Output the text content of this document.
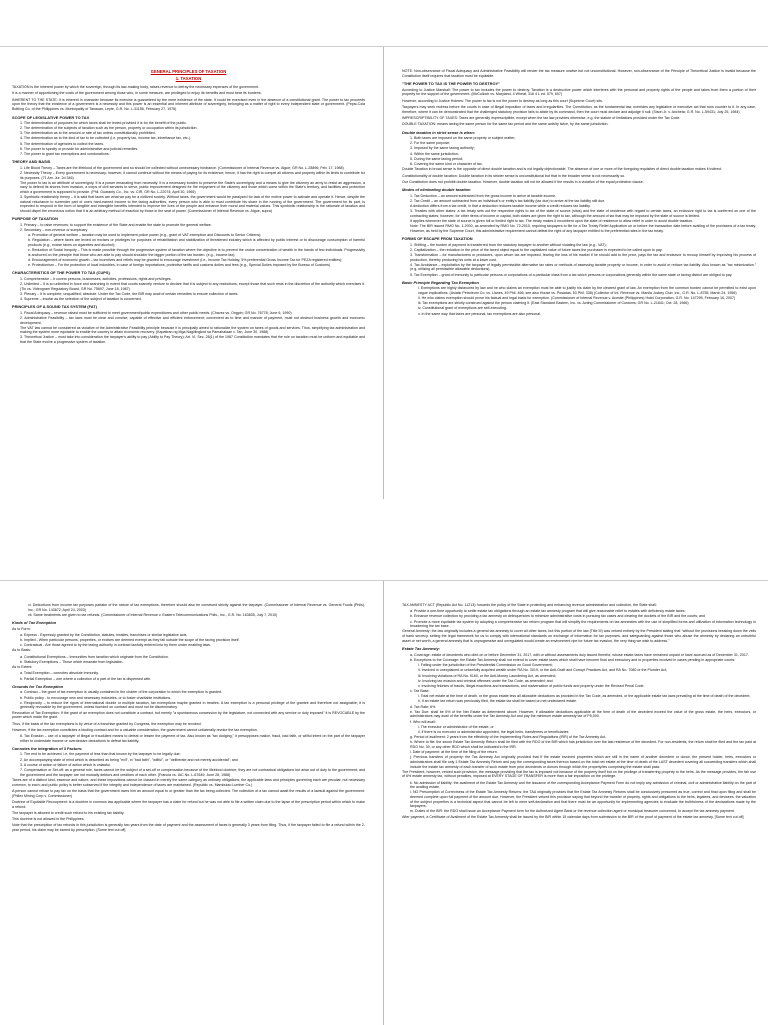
GENERAL PRINCIPLES OF TAXATION
1. TAXATION
TAXATION is the inherent power by which the sovereign, through its law-making body, raises revenue to defray the necessary expenses of the government.
It is a manner of apportioning the costs of the government among those who, in some measure, are privileged to enjoy its benefits and must bear its burdens.
INHERENT TO THE STATE: It is inherent in character because its exercise is guaranteed by the mere existence of the state. It could be exercised even in the absence of a constitutional grant. The power to tax proceeds upon the theory that the existence of a government is a necessity and this power is an essential and inherent attribute of sovereignty, belonging as a matter of right to every independent state or government. (Pepsi-Cola Bottling Co. of the Philippines vs. Municipality of Tanauan, Leyte, G.R. No. L-31156, February 27, 1976)
SCOPE OF LEGISLATIVE POWER TO TAX
1. The determination of purposes for which taxes shall be levied provided it is for the benefit of the public.
2. The determination of the subjects of taxation such as the person, property or occupation within its jurisdiction.
3. The determination as to the amount or rate of tax unless constitutionally prohibited.
4. The determination as to the kind of tax to be collected (i.e. property tax, income tax, inheritance tax, etc.).
5. The determination of agencies to collect the taxes.
6. The power to specify or provide for administrative and judicial remedies.
7. The power to grant tax exemptions and condonations.
THEORY AND BASIS
1. Life Blood Theory – Taxes are the lifeblood of the government and so should be collected without unnecessary hindrance. (Commissioner of Internal Revenue vs. Algue; GR No. L-28896; Feb. 17, 1988)
2. Necessity Theory – Every government is necessary; however, it cannot continue without the means of paying for its existence; hence, it has the right to compel all citizens and property within its limits to contribute for its purposes. (71 Am. Jur. 2d 346)
The power to tax is an attribute of sovereignty. It is a power emanating from necessity. It is a necessary burden to preserve the State's sovereignty and a means to give the citizenry an army to resist an aggression, a navy to defend its shores from invasion, a corps of civil servants to serve, public improvement designed for the enjoyment of the citizenry and those which come within the State's territory, and facilities and protection which a government is supposed to provide. (Phil. Guaranty Co., Inc. vs. CIR, GR No. L-22074; April 30, 1965)
3. Symbiotic relationship theory – It is said that taxes are what we pay for a civilized society. Without taxes, the government would be paralyzed for lack of the motive power to activate and operate it. Hence, despite the natural reluctance to surrender part of one's hard-earned income to the taxing authorities, every person who is able to must contribute his share in the running of the government. The government for its part, is expected to respond in the form of tangible and intangible benefits intended to improve the lives of the people and enhance their moral and material values. This symbiotic relationship is the rationale of taxation and should dispel the erroneous notion that it is an arbitrary method of exaction by those in the seat of power. (Commissioner of Internal Revenue vs. Algue, supra)
PURPOSE OF TAXATION
1. Primary – to raise revenues; to support the existence of the State and enable the state to promote the general welfare.
2. Secondary – non-revenue or sumptuary
a. Promotion of general welfare – taxation may be used to implement police power (e.g., grant of VAT exemption and Discounts to Senior Citizens);
b. Regulation – where taxes are levied on excises or privileges for purposes of rehabilitation and stabilization of threatened industry which is affected by public interest or to discourage consumption of harmful products (e.g., excise taxes on cigarettes and alcohol);
c. Reduction of Social Inequity – This is made possible through the progressive system of taxation where the objective is to prevent the undue concentration of wealth in the hands of few individuals. Progressivity is anchored on the principle that those who are able to pay should shoulder the bigger portion of the tax burden. (e.g., Income tax);
d. Encouragement of economic growth – tax incentives and reliefs may be granted to encourage investment (i.e., Income Tax Holiday, 5% preferential Gross Income Tax for PEZA registered entities);
e. Protectionism – For the protection of local industries, in case of foreign importations, protective tariffs and customs duties and fees (e.g., Special Duties imposed by the Bureau of Customs)
CHARACTERISTICS OF THE POWER TO TAX (CUPS)
1. Comprehensive – It covers persons, businesses, activities, professions, rights and privileges.
2. Unlimited – It is so unlimited in force and searching in extent that courts scarcely venture to declare that it is subject to any restrictions, except those that such rests in the discretion of the authority which exercises it. (Tio vs. Videogram Regulatory Board, GR No. 75697, June 18, 1987)
3. Plenary – It is complete; unqualified; absolute. Under the Tax Code, the BIR may avail of certain remedies to ensure collection of taxes.
4. Supreme – insofar as the selection of the subject of taxation is concerned.
PRINCIPLES OF A SOUND TAX SYSTEM (FAT)
1. Fiscal Adequacy – revenue raised must be sufficient to meet government/public expenditures and other public needs. (Chavez vs. Ongpin; GR No. 76778; June 6, 1990)
2. Administrative Feasibility – tax laws must be clear and concise; capable of effective and efficient enforcement; convenient as to time and manner of payment, must not obstruct business growth and economic development.
The VAT law cannot be considered as violative of the Administrative Feasibility principle because it is principally aimed to rationalize the system on taxes of goods and services. Thus, simplifying tax administration and making the system more equitable to enable the country to attain economic recovery. (Kapatiran ng Mga Naglilingkod sa Pamahalaan v. Tan, June 30, 1988)
3. Theoretical Justice – must take into consideration the taxpayer's ability to pay (Ability to Pay Theory); Art. VI, Sec. 28(1) of the 1987 Constitution mandates that the rule on taxation must be uniform and equitable and that the State evolve a progressive system of taxation.
NOTE: Non-observance of Fiscal Adequacy and Administrative Feasibility will render the tax measure unwise but not unconstitutional. However, non-observance of the Principle of Theoretical Justice is invalid because the Constitution itself requires that taxation must be equitable.
"THE POWER TO TAX IS THE POWER TO DESTROY"
According to Justice Marshall: The power to tax includes the power to destroy. Taxation is a destructive power which interferes with the personal and property rights of the people and takes from them a portion of their property for the support of the government. (McCulloch vs. Maryland, 4 Wheat, 316 4 L ed. 579, 607)
However, according to Justice Holmes: The power to tax is not the power to destroy as long as this court (Supreme Court) sits.
Taxpayers may seek redress before the courts in case of illegal imposition of taxes and irregularities. The Constitution, as the fundamental law, overrides any legislative or executive act that runs counter to it. In any case, therefore, where it can be demonstrated that the challenged statutory provision fails to abide by its command, then the court must declare and adjudge it null. (Sison Jr. v. Ancheta; G.R. No. L-59431; July 25, 1984)
IMPRESCRIPTIBILITY OF TAXES: Taxes are generally imprescriptible, except when the tax law provides otherwise, e.g. the statute of limitations provided under the Tax Code.
DOUBLE TAXATION: means taxing the same person for the same tax period and the same activity twice, by the same jurisdiction.
Double taxation in strict sense is when:
1. Both taxes are imposed on the same property or subject matter;
2. For the same purpose;
3. Imposed by the same taxing authority;
4. Within the same jurisdiction;
5. During the same taxing period;
6. Covering the same kind or character of tax.
Double Taxation in broad sense is the opposite of direct double taxation and is not legally objectionable. The absence of one or more of the foregoing requisites of direct double taxation makes it indirect.
Constitutionality of double taxation: Double taxation in its stricter sense is unconstitutional but that in the broader sense is not necessarily so.
Our Constitution does not prohibit double taxation. However, double taxation will not be allowed if the results in a violation of the equal protection clause.
Modes of eliminating double taxation
1. Tax Deduction – an amount subtracted from the gross income to arrive at taxable income.
2. Tax Credit – an amount subtracted from an individual's or entity's tax liability (tax due) to arrive at the tax liability still due.
A deduction differs from a tax credit, in that a deduction reduces taxable income while a credit reduces tax liability.
3. Treaties with other states: a tax treaty sets out the respective rights to tax of the state of source (situs) and the state of residence with regard to certain taxes, an exclusive right to tax is conferred on one of the contracting states; however, for other items of income or capital, both states are given the right to tax, although the amount of tax that may be imposed by the state of source is limited.
It applies whenever the state of source is given full or limited right to tax. The treaty makes it incumbent upon the state of residence to allow relief in order to avoid double taxation.
Note: The BIR issued RMO No. 1-2000, as amended by RMO No. 72-2010, requiring taxpayers to file for a Tax Treaty Relief Application on or before the transaction date before availing of the provisions of a tax treaty. However, as held by the Supreme Court, this administrative requirement cannot defeat the right of any taxpayer entitled to the preferential rates in the tax treaty.
FORMS OF ESCAPE FROM TAXATION
1. Shifting – the burden of payment is transferred from the statutory taxpayer to another without violating the law (e.g., VAT);
2. Capitalization – the reduction in the price of the taxed object equal to the capitalized value of future taxes the purchaser is expected to be called upon to pay.
3. Transformation – for manufacturers or producers, upon whom tax are imposed, fearing the loss of his market if he should add to the price, pays the tax and endeavor to recoup himself by improving his process of production, thereby producing his units at a lower cost.
4. Tax Avoidance – exploitation by the taxpayer of legally permissible alternative tax rates or methods of assessing taxable property or income, in order to avoid or reduce tax liability. Also known as "tax minimization." (e.g. utilizing all permissible allowable deductions)
5. Tax Exemption – grant of immunity to particular persons or corporations of a particular class from a tax which persons or corporations generally within the same state or taxing district are obliged to pay.
Basic Principle Regarding Tax Exemption
i. Exemptions are highly disfavored by law and he who claims an exemption must be able to justify his claim by the clearest grant of law. An exemption from the common burden cannot be permitted to exist upon vague implications. (Asiatic Petroleum Co. vs. Llanes, 49 Phil. 466; see also House vs. Posadas, 53 Phil. 338) (Collector of Int. Revenue vs. Manila Jockey Club, Inc., G.R. No. L-8755, March 24, 1956)
ii. He who claims exemption should prove his factual and legal basis for exemption. (Commissioner of Internal Revenue v. Acesite (Philippines) Hotel Corporation, G.R. No. 147295, February 16, 2007)
iii. Tax exemptions are strictly construed against the person claiming it. (East Standard Eastern, Inc. vs. Acting Commissioner of Customs; GR No. L-21841; Oct. 28, 1966)
iv. Constitutional grant of exemptions are self-executing.
v. In the same way that taxes are personal, tax exemptions are also personal.
vi. Deductions from income tax purposes partake of the nature of tax exemptions, therefore should also be construed strictly against the taxpayer. (Commissioner of Internal Revenue vs. General Foods (Phils), Inc.; GR No. 143672; April 24, 2003)
vii. Same treatments are given to tax refunds. (Commissioner of Internal Revenue v. Eastern Telecommunications Phils., Inc., G.R. No. 163835, July 7, 2010)
Kinds of Tax Exemption
As to Form:
a. Express - Expressly granted by the Constitution, statutes, treaties, franchises or similar legislative acts.
b. Implied - When particular persons, properties, or excises are deemed exempt as they fall outside the scope of the taxing provision itself.
c. Contractual - Are those agreed to by the taxing authority in contract lawfully entered into by them under enabling laws.
As to Basis:
a. Constitutional Exemptions – Immunities from taxation which originate from the Constitution.
b. Statutory Exemptions – Those which emanate from legislation.
As to Extent:
a. Total Exemption – connotes absolute immunity.
b. Partial Exemption – one where a collection of a part of the tax is dispensed with.
Grounds for Tax Exemption
a. Contract – the grant of tax exemption is usually contained in the charter of the corporation to which the exemption is granted.
b. Public policy - to encourage new and necessary industries, or to foster charitable institutions.
c. Reciprocity – to reduce the rigors of international double or multiple taxation, tax exemptions maybe granted in treaties. A tax exemption is a personal privilege of the grantee and therefore not assignable; it is generally revocable by the government, unless founded on contract and must not be discriminatory.
Revocation of Tax Exemption: If the grant of an exemption does not constitute a contract, but merely "a spontaneous concession by the legislature, not connected with any service or duty imposed" it is REVOCABLE by the power which made the grant.
Thus, if the basis of the tax exemptions is by virtue of a franchise granted by Congress, the exemption may be revoked.
However, if the tax exemption constitutes a binding contract and for a valuable consideration, the government cannot unilaterally revoke the tax exemption.
6. Tax Evasion – use of a taxpayer of illegal or fraudulent means to defeat or lessen the payment of tax. Also known as "tax dodging," it presupposes malice, fraud, bad faith, or willful intent on the part of the taxpayer either to understate income or overdeclare deductions to defeat tax liability.
Connotes the integration of 3 Factors:
1. The end to be achieved, i.e. the payment of less than that known by the taxpayer to be legally due;
2. An accompanying state of mind which is described as being "evil", in "bad faith", "willful", or "deliberate and not merely accidental"; and
3. A course of action or failure of action which is unlawful.
7. Compensation or Set-off: as a general rule, taxes cannot be the subject of a set-off or compensation because of the lifeblood doctrine; they are not contractual obligations but arise out of duty to the government; and the government and the taxpayer are not mutually debtors and creditors of each other. (Francia vs. IAC No. L-67649; June 28, 1988)
Taxes are of a distinct kind, essence and nature, and these impositions cannot be classed in merely the same category as ordinary obligations; the applicable laws and principles governing each are peculiar, not necessary common, to each; and public policy is better subserved if the integrity and independence of taxes are maintained. (Republic vs. Mambulao Lumber Co.)
A person cannot refuse to pay tax on the basis that the government owes him an amount equal to or greater than the tax being collected. The collection of a tax cannot await the results of a lawsuit against the government. (Philex Mining Corp v. Commissioner)
Doctrine of Equitable Recoupment: is a doctrine in common law applicable where the taxpayer has a claim for refund but he was not able to file a written claim due to the lapse of the prescription period within which to make a refund.
The taxpayer is allowed to credit such refund to his existing tax liability.
This doctrine is not allowed in the Philippines.
Note that the prescription of tax refunds in this jurisdiction is generally two years from the date of payment and the assessment of taxes is generally 3 years from filing. Thus, if the taxpayer failed to file a refund within the 2-year period, his claim may be barred by prescription. [Some text cut off]
TAX AMNESTY ACT (Republic Act No. 11213): towards the policy of the State in protecting and enhancing revenue administration and collection, the State shall:
a. Provide a one-time opportunity to settle estate tax obligations through an estate tax amnesty program that will give reasonable relief to estates with deficiency estate taxes;
b. Enhance revenue collection by providing a tax amnesty on delinquencies to minimize administrative costs in pursuing tax cases and clearing the dockets of the BIR and the courts; and
c. Promote a more equitable tax system by adopting a comprehensive tax reform program that will simplify the requirements on tax amnesties with the use of simplified forms and utilization of information technology in broadening the tax base.
General Amnesty: the law originally includes a general tax amnesty to cover all other taxes, but this portion of the law (Title III) was vetoed entirely by the President stating that "without the provisions breaking down the veils of bank secrecy, setting the legal framework for us to comply with international standards on exchange of information for tax purposes, and safeguarding against those who abuse the amnesty by declaring an untruthful asset or net worth, a general amnesty that is unprogressive and unregulated would create an environment ripe for future tax evasion, the very thing we wish to address."
Estate Tax Amnesty:
a. Coverage: estate of decedents who died on or before December 31, 2017, with or without assessments duly issued therefor, whose estate taxes have remained unpaid or have accrued as of December 31, 2017.
b. Exceptions to the Coverage: the Estate Tax Amnesty shall not extend to cover estate taxes which shall have become final and executory and to properties involved in cases pending in appropriate courts:
i. Falling under the jurisdiction of the Presidential Commission on Good Government;
ii. Involved in unexplained or unlawfully acquired wealth under RA No. 3019, or the Anti-Graft and Corrupt Practices Act, and RA No. 7080 or the Plunder Act;
iii. Involving violations of RA No. 9160, or the Anti-Money Laundering Act, as amended;
iv. Involving tax evasion and criminal offenses under the Tax Code, as amended; and
v. Involving felonies of frauds, illegal exactions and transactions, and malversation of public funds and property under the Revised Penal Code.
c. Tax Base:
i. Total net estate at the time of death, or the gross estate less all allowable deductions as provided in the Tax Code, as amended, or the applicable estate tax laws prevailing at the time of death of the decedent;
ii. If an estate tax return was previously filed, the estate tax shall be based on net undeclared estate.
d. Tax Rate: 6%
e. Tax Due: shall be 6% of the Net Estate as determined above. However, if allowable deductions applicable at the time of death of the decedent exceed the value of the gross estate, the heirs, executors, or administrators may avail of the benefits under the Tax Amnesty Act and pay the minimum estate amnesty tax of P5,000.
f. Who will avail:
i. The executor or administrator of the estate, or
ii. if there is no executor or administrator appointed, the legal heirs, transferees or beneficiaries
g. Period of availment: 2 years from the effectivity of the Implementing Rules and Regulations (IRR) of the Tax Amnesty Act.
h. Where to file: the sworn Estate Tax Amnesty Return shall be filed with the RDO of the BIR which has jurisdiction over the last residence of the decedent. For non-residents, the return shall be filed and the tax paid at RDO No. 39, or any other RDO which shall be indicated in the IRR.
i. Date of payment: at the time of the filing of the return.
j. Previous transfers of property: the Tax Amnesty Act originally provided that if the estate involved properties which are still in the name of another decedent or donor, the present holder, heirs, executors or administrators shall file only 1 Estate Tax Amnesty Return and pay the corresponding taxes thereon based on the total net estate at the time of death of the LAST decedent covering all succeeding transfers which shall include the estate tax amnesty of each transfer of such estate from prior decedents or donors through which the property/ies comprising the estate shall pass.
The President, however, vetoed such provision, the message providing that the tax is imposed not because of the property itself but on the privilege of transferring property to the heirs. As the message provides, the fair use of 6% estate amnesty tax, without penalties, imposed at EVERY STAGE OF TRANSFER is more than a fair imposition on the privilege.
k. No admission of liability: the availment of the Estate Tax Amnesty and the issuance of the corresponding Acceptance Payment Form do not imply any admission of criminal, civil or administrative liability on the part of the availing estate.
l. NO Presumption of Correctness of the Estate Tax Amnesty Returns: the TAA originally provides that the Estate Tax Amnesty Returns shall be conclusively presumed as true, correct and final upon filing and shall be deemed complete upon full payment of the amount due. However, the President vetoed this provision saying that beyond the transfer of property, rights and obligations to the heirs, legatees, and devisees, the valuation of the subject properties is a technical aspect that cannot be left to mere self-declaration and that there must be an opportunity for implementing agencies to evaluate the truthfulness of the declarations made by the taxpayers.
m. Duties of the BIR: the RDO shall issue an Acceptance Payment form for the Authorized Agent Bank or the revenue collection agent or municipal treasurer concerned, to accept the tax amnesty payment.
After payment, a Certificate of Availment of the Estate Tax Amnesty shall be issued by the BIR within 15 calendar days from submission to the BIR of the proof of payment of the estate tax amnesty. [Some text cut off]
